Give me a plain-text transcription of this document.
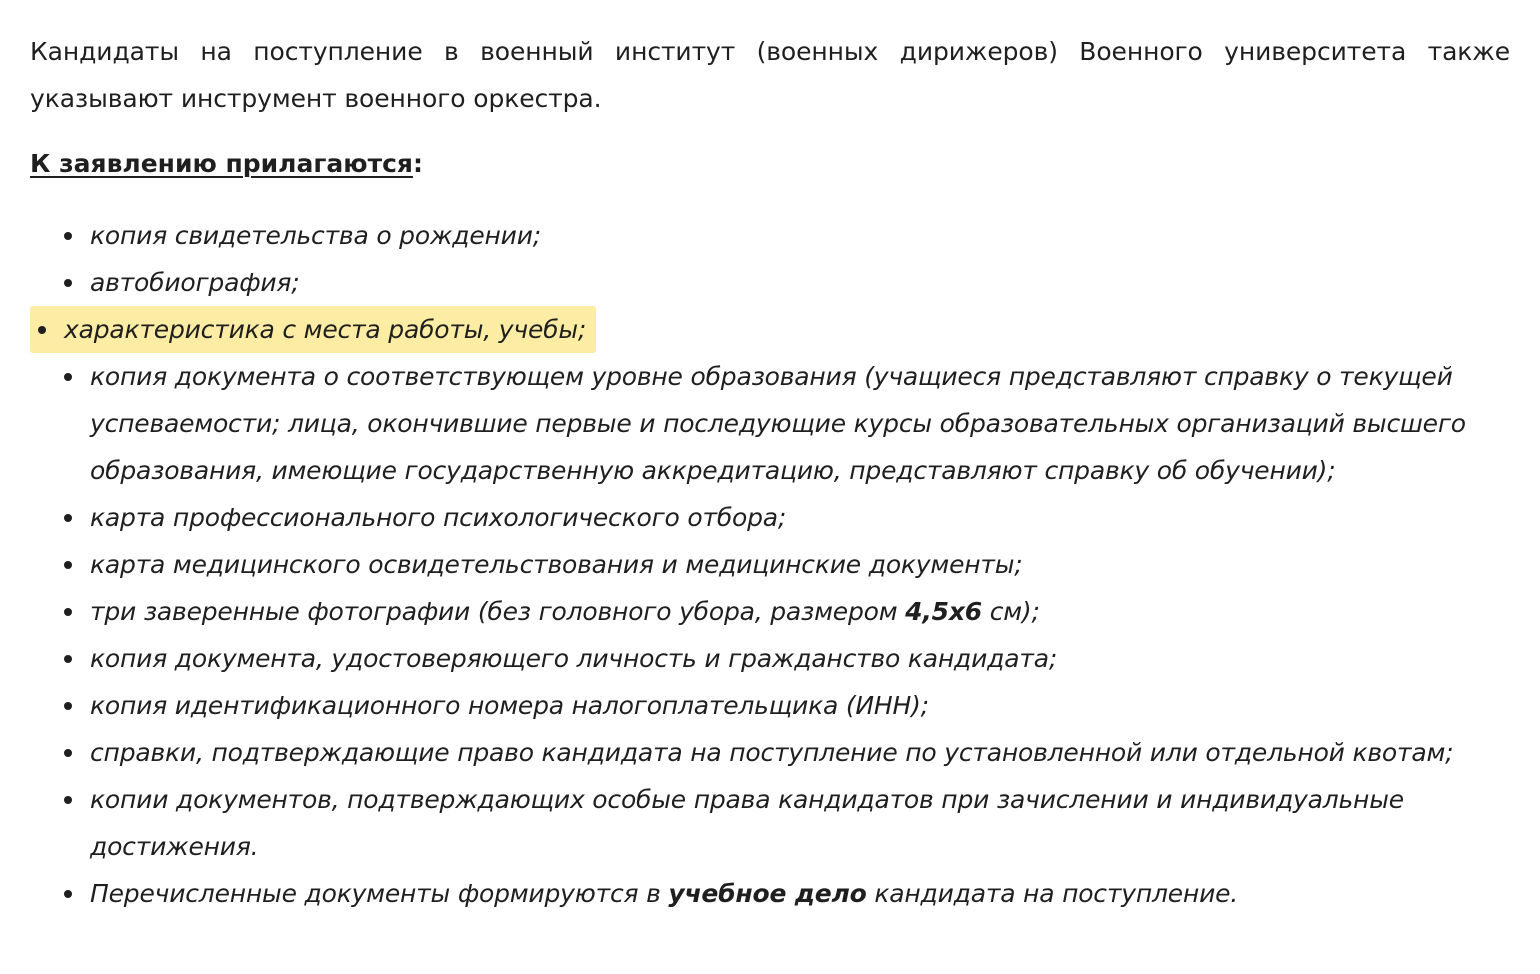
Кандидаты на поступление в военный институт (военных дирижеров) Военного университета также указывают инструмент военного оркестра.

К заявлению прилагаются:

копия свидетельства о рождении;
автобиография;
характеристика с места работы, учебы;
копия документа о соответствующем уровне образования (учащиеся представляют справку о текущей успеваемости; лица, окончившие первые и последующие курсы образовательных организаций высшего образования, имеющие государственную аккредитацию, представляют справку об обучении);
карта профессионального психологического отбора;
карта медицинского освидетельствования и медицинские документы;
три заверенные фотографии (без головного убора, размером 4,5х6 см);
копия документа, удостоверяющего личность и гражданство кандидата;
копия идентификационного номера налогоплательщика (ИНН);
справки, подтверждающие право кандидата на поступление по установленной или отдельной квотам;
копии документов, подтверждающих особые права кандидатов при зачислении и индивидуальные достижения.
Перечисленные документы формируются в учебное дело кандидата на поступление.
